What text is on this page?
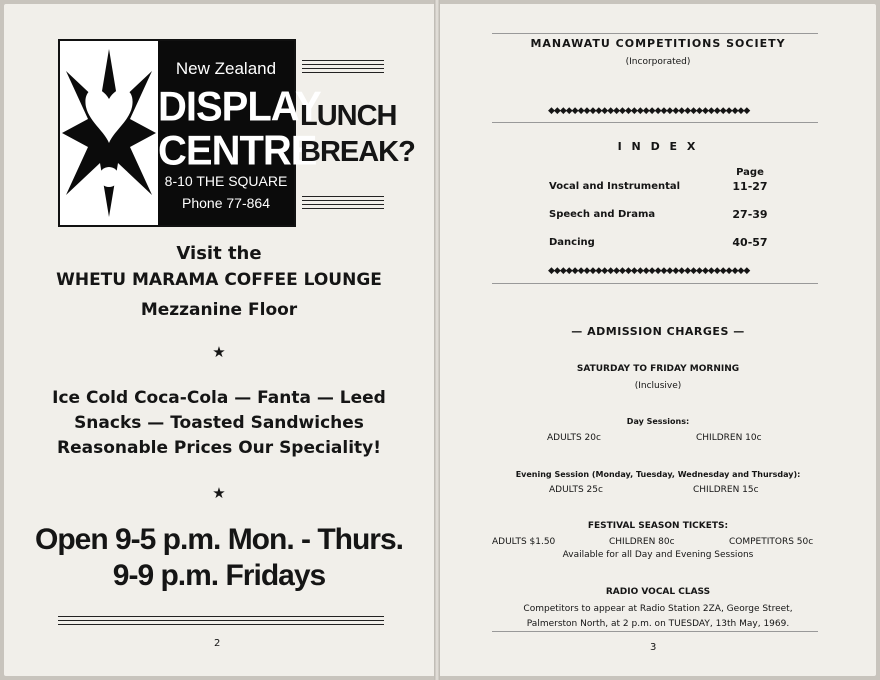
New Zealand
DISPLAY
CENTRE
8-10 THE SQUARE
Phone 77-864
LUNCH
BREAK?
Visit the
WHETU MARAMA COFFEE LOUNGE
Mezzanine Floor
★
Ice Cold Coca-Cola — Fanta — Leed
Snacks — Toasted Sandwiches
Reasonable Prices Our Speciality!
★
Open 9-5 p.m. Mon. - Thurs.
9-9 p.m. Fridays
2
MANAWATU COMPETITIONS SOCIETY
(Incorporated)
◆◆◆◆◆◆◆◆◆◆◆◆◆◆◆◆◆◆◆◆◆◆◆◆◆◆◆◆◆◆◆◆◆◆
I N D E X
Page
Vocal and Instrumental	11-27
Speech and Drama	27-39
Dancing	40-57
◆◆◆◆◆◆◆◆◆◆◆◆◆◆◆◆◆◆◆◆◆◆◆◆◆◆◆◆◆◆◆◆◆◆
— ADMISSION CHARGES —
SATURDAY TO FRIDAY MORNING
(Inclusive)
Day Sessions:
ADULTS 20c	CHILDREN 10c
Evening Session (Monday, Tuesday, Wednesday and Thursday):
ADULTS 25c	CHILDREN 15c
FESTIVAL SEASON TICKETS:
ADULTS $1.50	CHILDREN 80c	COMPETITORS 50c
Available for all Day and Evening Sessions
RADIO VOCAL CLASS
Competitors to appear at Radio Station 2ZA, George Street,
Palmerston North, at 2 p.m. on TUESDAY, 13th May, 1969.
3
